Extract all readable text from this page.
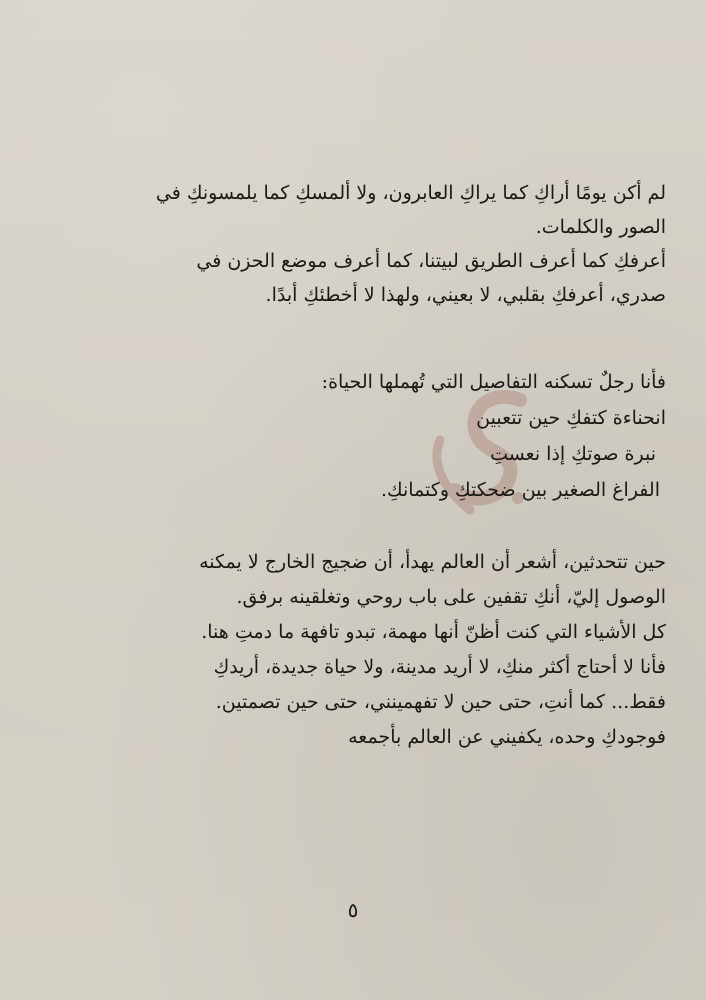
لم أكن يومًا أراكِ كما يراكِ العابرون، ولا ألمسكِ كما يلمسونكِ في
الصور والكلمات.
أعرفكِ كما أعرف الطريق لبيتنا، كما أعرف موضع الحزن في
صدري، أعرفكِ بقلبي، لا بعيني، ولهذا لا أخطئكِ أبدًا.
فأنا رجلٌ تسكنه التفاصيل التي تُهملها الحياة:
انحناءة كتفكِ حين تتعبين
نبرة صوتكِ إذا نعستِ
الفراغ الصغير بين ضحكتكِ وكتمانكِ.
حين تتحدثين، أشعر أن العالم يهدأ، أن ضجيج الخارج لا يمكنه
الوصول إليّ، أنكِ تقفين على باب روحي وتغلقينه برفق.
كل الأشياء التي كنت أظنّ أنها مهمة، تبدو تافهة ما دمتِ هنا.
فأنا لا أحتاج أكثر منكِ، لا أريد مدينة، ولا حياة جديدة، أريدكِ
فقط... كما أنتِ، حتى حين لا تفهمينني، حتى حين تصمتين.
فوجودكِ وحده، يكفيني عن العالم بأجمعه
٥
